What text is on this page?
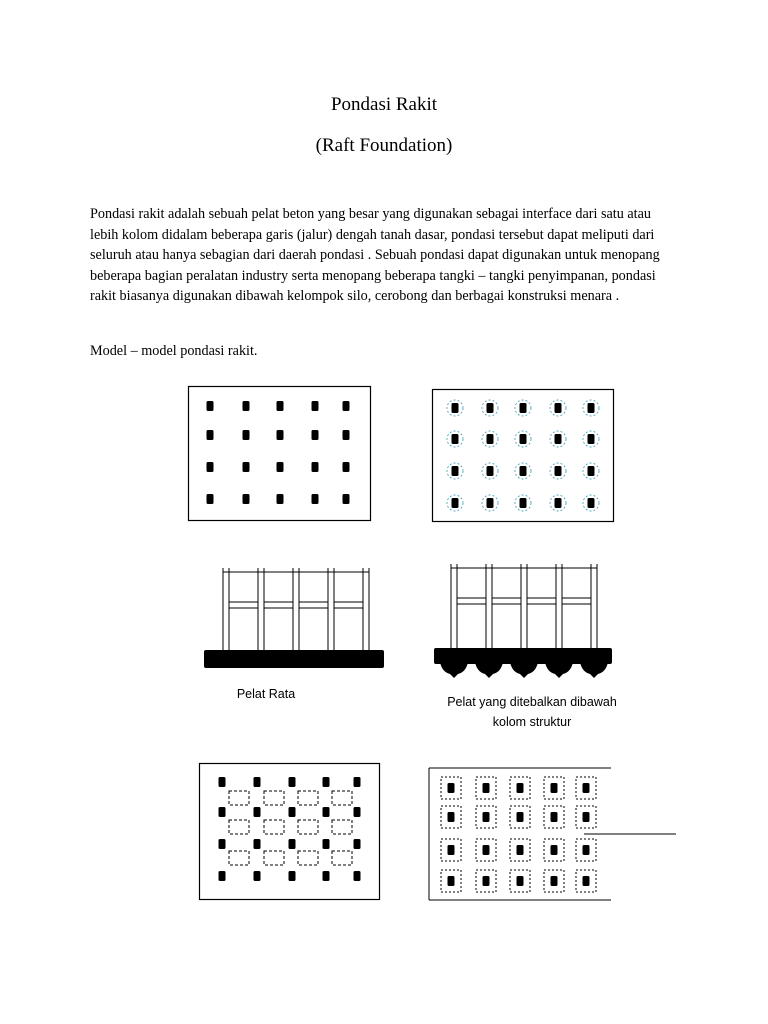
Pondasi Rakit
(Raft Foundation)

Pondasi rakit adalah sebuah pelat beton yang besar yang digunakan sebagai interface dari satu atau lebih kolom didalam beberapa garis (jalur) dengah tanah dasar, pondasi tersebut dapat meliputi dari seluruh atau hanya sebagian dari daerah pondasi . Sebuah pondasi dapat digunakan untuk menopang beberapa bagian peralatan industry serta menopang beberapa tangki – tangki penyimpanan, pondasi rakit biasanya digunakan dibawah kelompok silo, cerobong dan berbagai konstruksi menara .

Model – model pondasi rakit.

Pelat Rata

Pelat yang ditebalkan dibawah
kolom struktur
